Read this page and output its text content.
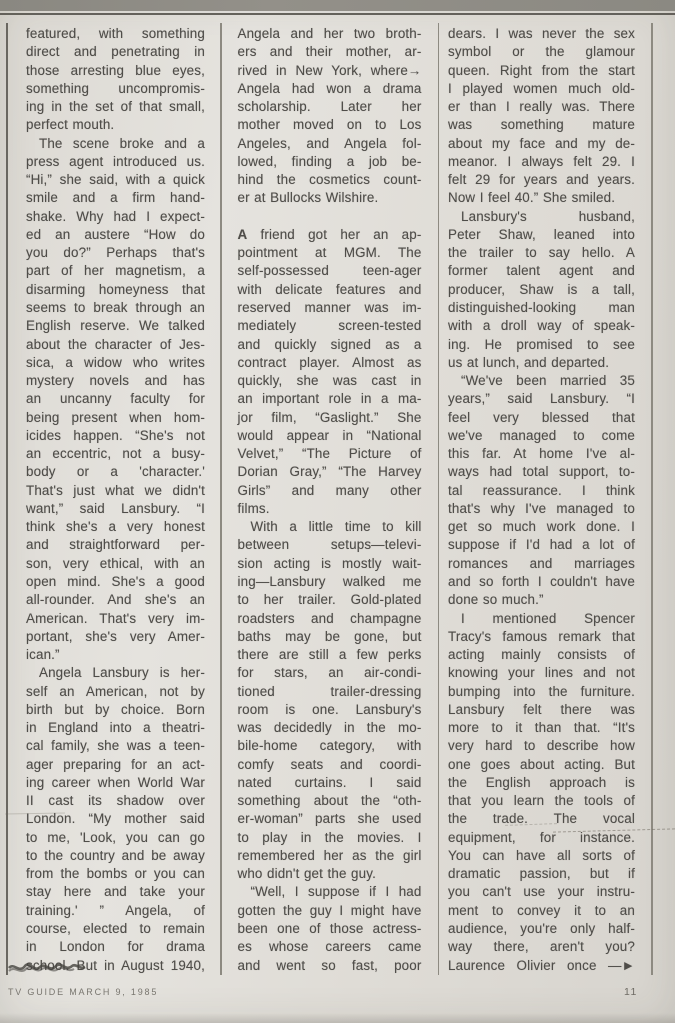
featured, with something
direct and penetrating in
those arresting blue eyes,
something uncompromis-
ing in the set of that small,
perfect mouth.
The scene broke and a
press agent introduced us.
“Hi,” she said, with a quick
smile and a firm hand-
shake. Why had I expect-
ed an austere “How do
you do?” Perhaps that's
part of her magnetism, a
disarming homeyness that
seems to break through an
English reserve. We talked
about the character of Jes-
sica, a widow who writes
mystery novels and has
an uncanny faculty for
being present when hom-
icides happen. “She's not
an eccentric, not a busy-
body or a 'character.'
That's just what we didn't
want,” said Lansbury. “I
think she's a very honest
and straightforward per-
son, very ethical, with an
open mind. She's a good
all-rounder. And she's an
American. That's very im-
portant, she's very Amer-
ican.”
Angela Lansbury is her-
self an American, not by
birth but by choice. Born
in England into a theatri-
cal family, she was a teen-
ager preparing for an act-
ing career when World War
II cast its shadow over
London. “My mother said
to me, 'Look, you can go
to the country and be away
from the bombs or you can
stay here and take your
training.' ” Angela, of
course, elected to remain
in London for drama
school. But in August 1940,
Angela and her two broth-
ers and their mother, ar-
rived in New York, where→
Angela had won a drama
scholarship. Later her
mother moved on to Los
Angeles, and Angela fol-
lowed, finding a job be-
hind the cosmetics count-
er at Bullocks Wilshire.
A friend got her an ap-
pointment at MGM. The
self-possessed teen-ager
with delicate features and
reserved manner was im-
mediately screen-tested
and quickly signed as a
contract player. Almost as
quickly, she was cast in
an important role in a ma-
jor film, “Gaslight.” She
would appear in “National
Velvet,” “The Picture of
Dorian Gray,” “The Harvey
Girls” and many other
films.
With a little time to kill
between setups—televi-
sion acting is mostly wait-
ing—Lansbury walked me
to her trailer. Gold-plated
roadsters and champagne
baths may be gone, but
there are still a few perks
for stars, an air-condi-
tioned trailer-dressing
room is one. Lansbury's
was decidedly in the mo-
bile-home category, with
comfy seats and coordi-
nated curtains. I said
something about the “oth-
er-woman” parts she used
to play in the movies. I
remembered her as the girl
who didn't get the guy.
“Well, I suppose if I had
gotten the guy I might have
been one of those actress-
es whose careers came
and went so fast, poor
dears. I was never the sex
symbol or the glamour
queen. Right from the start
I played women much old-
er than I really was. There
was something mature
about my face and my de-
meanor. I always felt 29. I
felt 29 for years and years.
Now I feel 40.” She smiled.
Lansbury's husband,
Peter Shaw, leaned into
the trailer to say hello. A
former talent agent and
producer, Shaw is a tall,
distinguished-looking man
with a droll way of speak-
ing. He promised to see
us at lunch, and departed.
“We've been married 35
years,” said Lansbury. “I
feel very blessed that
we've managed to come
this far. At home I've al-
ways had total support, to-
tal reassurance. I think
that's why I've managed to
get so much work done. I
suppose if I'd had a lot of
romances and marriages
and so forth I couldn't have
done so much.”
I mentioned Spencer
Tracy's famous remark that
acting mainly consists of
knowing your lines and not
bumping into the furniture.
Lansbury felt there was
more to it than that. “It's
very hard to describe how
one goes about acting. But
the English approach is
that you learn the tools of
the trade. The vocal
equipment, for instance.
You can have all sorts of
dramatic passion, but if
you can't use your instru-
ment to convey it to an
audience, you're only half-
way there, aren't you?
Laurence Olivier once —►
TV GUIDE MARCH 9, 1985	11
